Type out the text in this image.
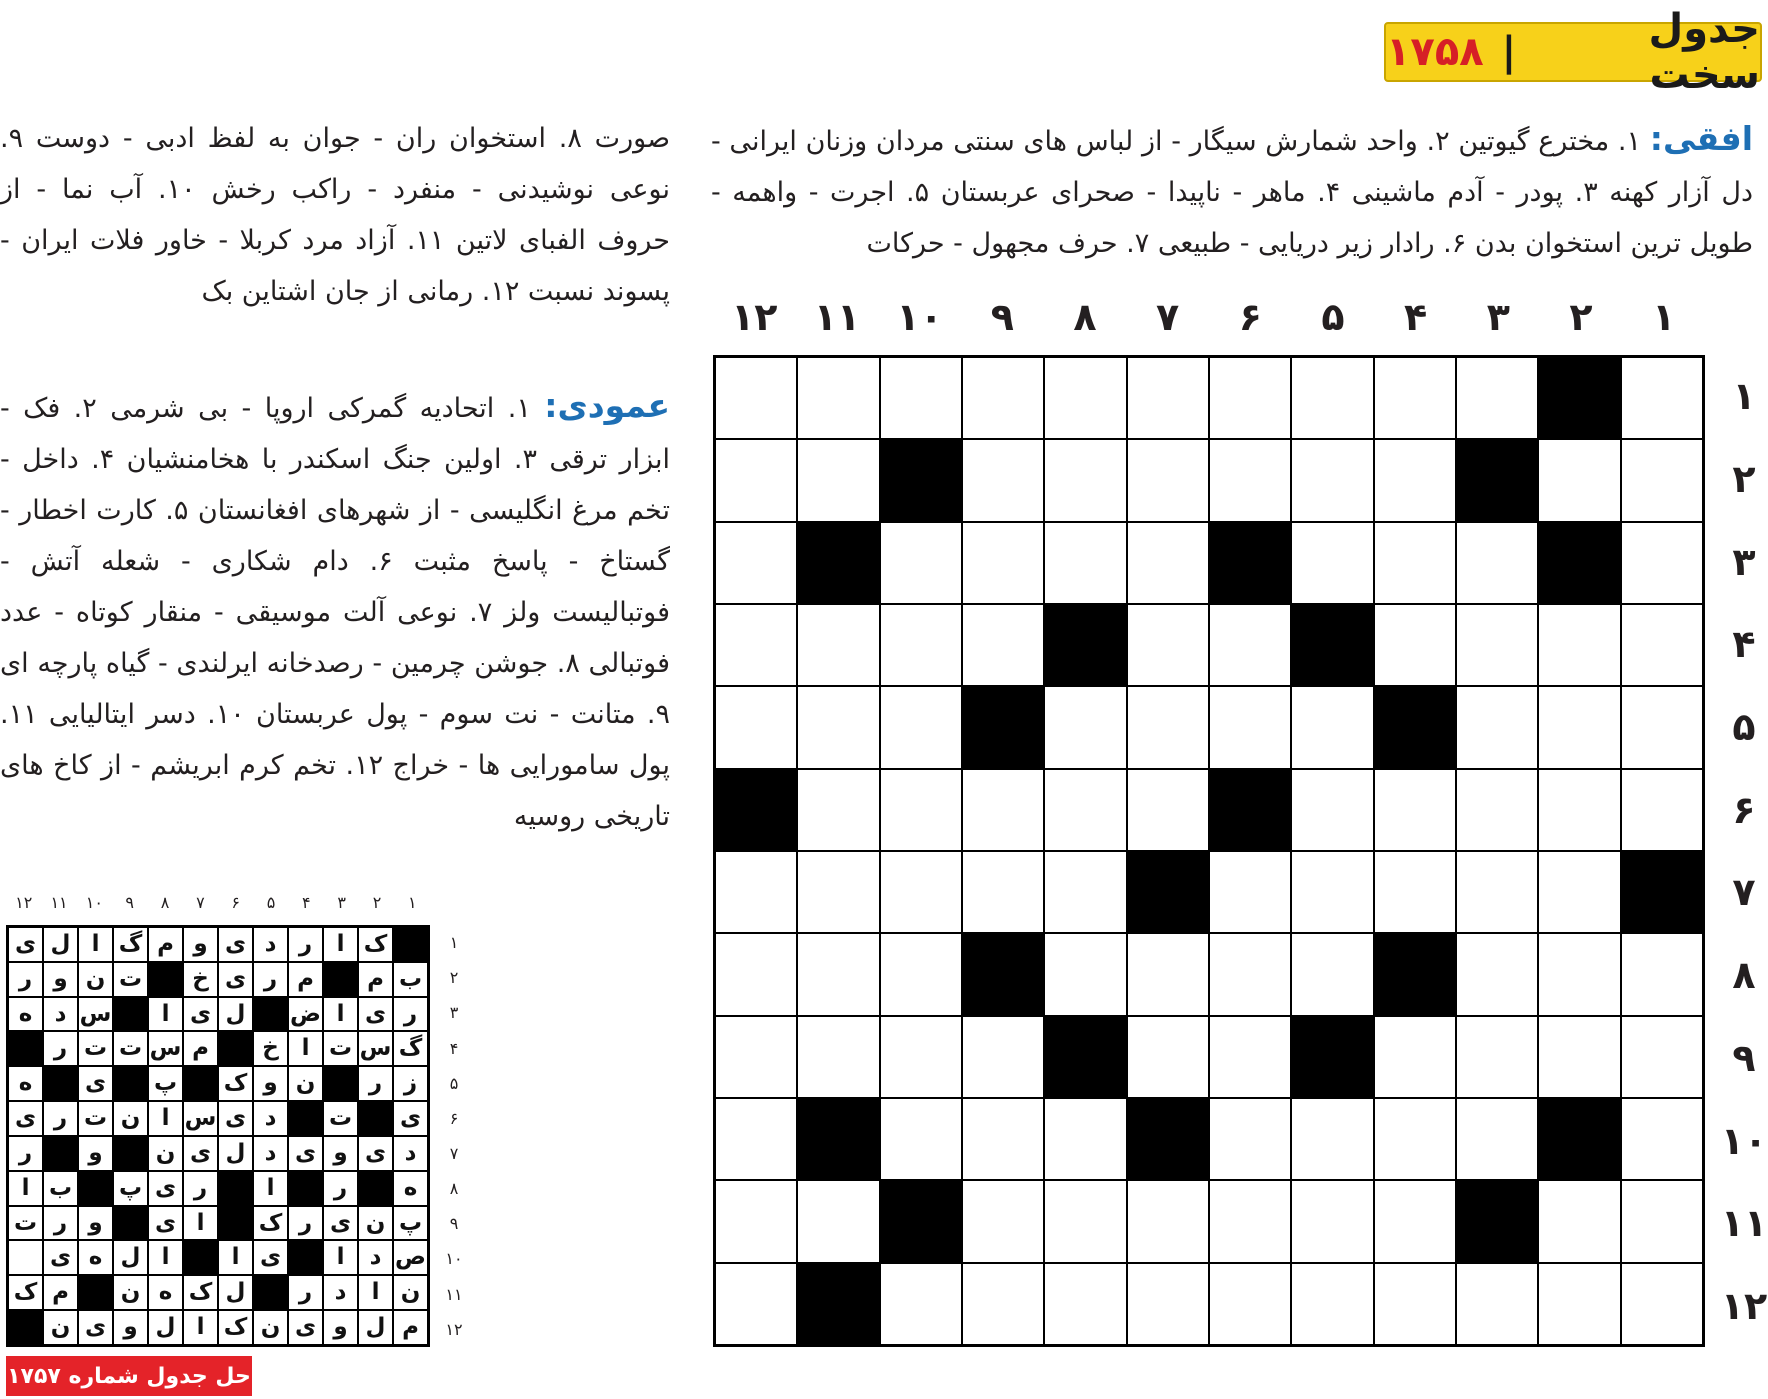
جدول سخت
|
۱۷۵۸
افقی: ۱. مخترع گیوتین ۲. واحد شمارش سیگار - از لباس های سنتی مردان وزنان ایرانی - دل آزار کهنه ۳. پودر - آدم ماشینی ۴. ماهر - ناپیدا - صحرای عربستان ۵. اجرت - واهمه - طویل ترین استخوان بدن ۶. رادار زیر دریایی - طبیعی ۷. حرف مجهول - حرکات
صورت ۸. استخوان ران - جوان به لفظ ادبی - دوست ۹. نوعی نوشیدنی - منفرد - راکب رخش ۱۰. آب نما - از حروف الفبای لاتین ۱۱. آزاد مرد کربلا - خاور فلات ایران - پسوند نسبت ۱۲. رمانی از جان اشتاین بک
عمودی: ۱. اتحادیه گمرکی اروپا - بی شرمی ۲. فک - ابزار ترقی ۳. اولین جنگ اسکندر با هخامنشیان ۴. داخل - تخم مرغ انگلیسی - از شهرهای افغانستان ۵. کارت اخطار - گستاخ - پاسخ مثبت ۶. دام شکاری - شعله آتش - فوتبالیست ولز ۷. نوعی آلت موسیقی - منقار کوتاه - عدد فوتبالی ۸. جوشن چرمین - رصدخانه ایرلندی - گیاه پارچه ای ۹. متانت - نت سوم - پول عربستان ۱۰. دسر ایتالیایی ۱۱. پول سامورایی ها - خراج ۱۲. تخم کرم ابریشم - از کاخ های تاریخی روسیه
۱
۲
۳
۴
۵
۶
۷
۸
۹
۱۰
۱۱
۱۲
۱
۲
۳
۴
۵
۶
۷
۸
۹
۱۰
۱۱
۱۲
۱
۲
۳
۴
۵
۶
۷
۸
۹
۱۰
۱۱
۱۲
۱
۲
۳
۴
۵
۶
۷
۸
۹
۱۰
۱۱
۱۲
ک
ا
ر
د
ی
و
م
گ
ا
ل
ی
ب
م
م
ر
ی
خ
ت
ن
و
ر
ر
ی
ا
ض
ل
ی
ا
س
د
ه
گ
س
ت
ا
خ
م
س
ت
ت
ر
ز
ر
ن
و
ک
پ
ی
ه
ی
ت
د
ی
س
ا
ن
ت
ر
ی
د
ی
و
ی
د
ل
ی
ن
و
ر
ه
ر
ا
ر
ی
پ
ب
ا
پ
ن
ی
ر
ک
ا
ی
و
ر
ت
ص
د
ا
ی
ا
ا
ل
ه
ی
ن
ا
د
ر
ل
ک
ه
ن
م
ک
م
ل
و
ی
ن
ک
ا
ل
و
ی
ن
حل جدول شماره ۱۷۵۷
